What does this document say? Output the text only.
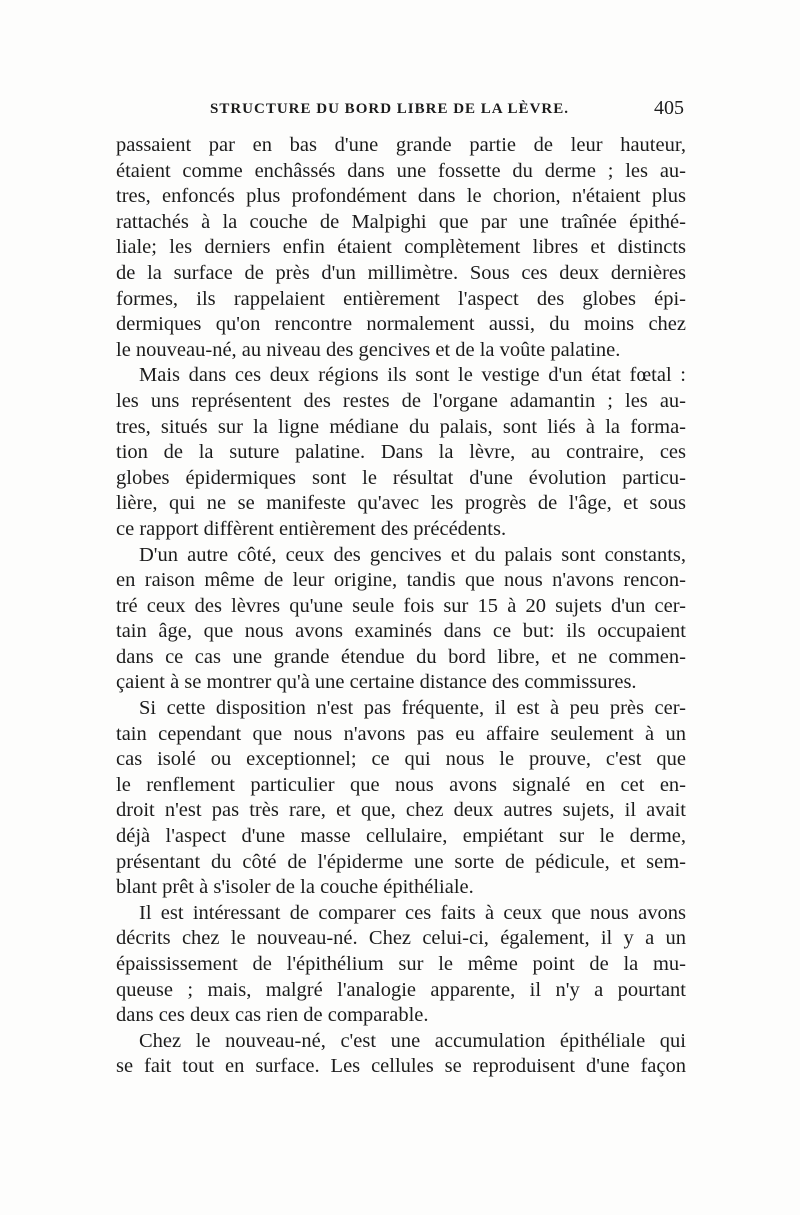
STRUCTURE DU BORD LIBRE DE LA LÈVRE.	405
passaient par en bas d'une grande partie de leur hauteur,
étaient comme enchâssés dans une fossette du derme ; les au-
tres, enfoncés plus profondément dans le chorion, n'étaient plus
rattachés à la couche de Malpighi que par une traînée épithé-
liale; les derniers enfin étaient complètement libres et distincts
de la surface de près d'un millimètre. Sous ces deux dernières
formes, ils rappelaient entièrement l'aspect des globes épi-
dermiques qu'on rencontre normalement aussi, du moins chez
le nouveau-né, au niveau des gencives et de la voûte palatine.
Mais dans ces deux régions ils sont le vestige d'un état fœtal :
les uns représentent des restes de l'organe adamantin ; les au-
tres, situés sur la ligne médiane du palais, sont liés à la forma-
tion de la suture palatine. Dans la lèvre, au contraire, ces
globes épidermiques sont le résultat d'une évolution particu-
lière, qui ne se manifeste qu'avec les progrès de l'âge, et sous
ce rapport diffèrent entièrement des précédents.
D'un autre côté, ceux des gencives et du palais sont constants,
en raison même de leur origine, tandis que nous n'avons rencon-
tré ceux des lèvres qu'une seule fois sur 15 à 20 sujets d'un cer-
tain âge, que nous avons examinés dans ce but: ils occupaient
dans ce cas une grande étendue du bord libre, et ne commen-
çaient à se montrer qu'à une certaine distance des commissures.
Si cette disposition n'est pas fréquente, il est à peu près cer-
tain cependant que nous n'avons pas eu affaire seulement à un
cas isolé ou exceptionnel; ce qui nous le prouve, c'est que
le renflement particulier que nous avons signalé en cet en-
droit n'est pas très rare, et que, chez deux autres sujets, il avait
déjà l'aspect d'une masse cellulaire, empiétant sur le derme,
présentant du côté de l'épiderme une sorte de pédicule, et sem-
blant prêt à s'isoler de la couche épithéliale.
Il est intéressant de comparer ces faits à ceux que nous avons
décrits chez le nouveau-né. Chez celui-ci, également, il y a un
épaississement de l'épithélium sur le même point de la mu-
queuse ; mais, malgré l'analogie apparente, il n'y a pourtant
dans ces deux cas rien de comparable.
Chez le nouveau-né, c'est une accumulation épithéliale qui
se fait tout en surface. Les cellules se reproduisent d'une façon
